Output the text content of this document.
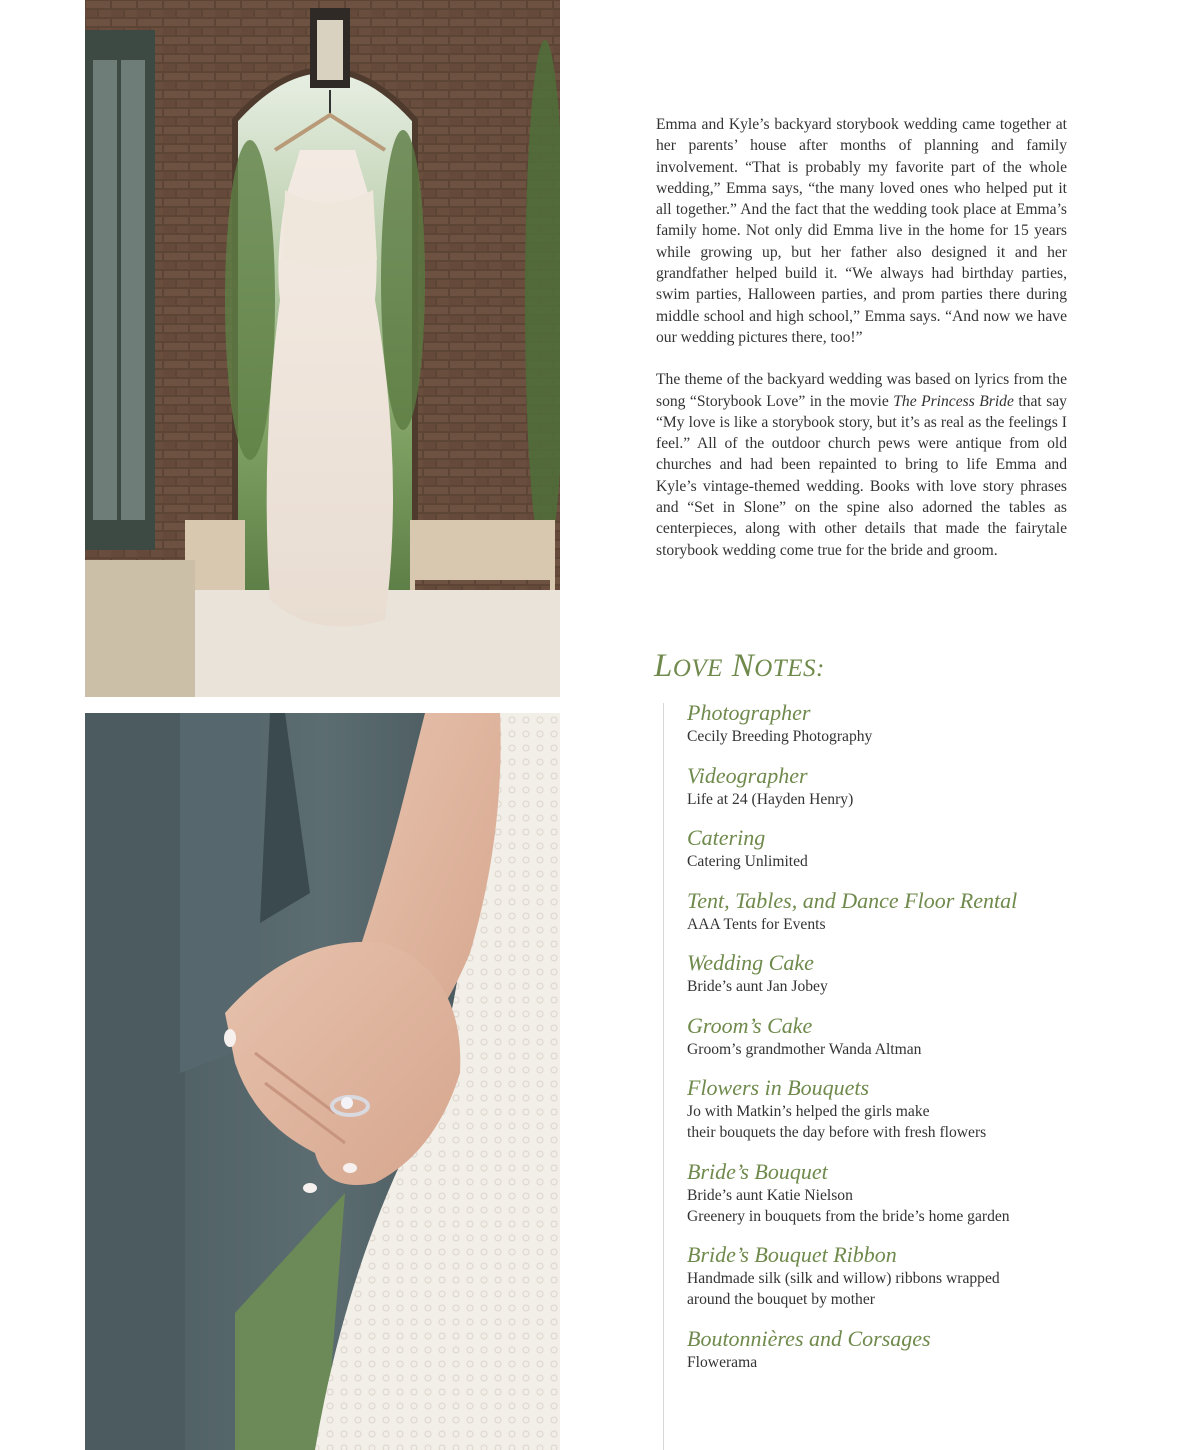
Emma and Kyle’s backyard storybook wedding came together at her parents’ house after months of planning and family involvement. “That is probably my favorite part of the whole wedding,” Emma says, “the many loved ones who helped put it all together.” And the fact that the wedding took place at Emma’s family home. Not only did Emma live in the home for 15 years while growing up, but her father also designed it and her grandfather helped build it. “We always had birthday parties, swim parties, Halloween parties, and prom parties there during middle school and high school,” Emma says. “And now we have our wedding pictures there, too!”

The theme of the backyard wedding was based on lyrics from the song “Storybook Love” in the movie The Princess Bride that say “My love is like a storybook story, but it’s as real as the feelings I feel.” All of the outdoor church pews were antique from old churches and had been repainted to bring to life Emma and Kyle’s vintage-themed wedding. Books with love story phrases and “Set in Slone” on the spine also adorned the tables as centerpieces, along with other details that made the fairytale storybook wedding come true for the bride and groom.

LOVE NOTES:
Photographer
Cecily Breeding Photography
Videographer
Life at 24 (Hayden Henry)
Catering
Catering Unlimited
Tent, Tables, and Dance Floor Rental
AAA Tents for Events
Wedding Cake
Bride’s aunt Jan Jobey
Groom’s Cake
Groom’s grandmother Wanda Altman
Flowers in Bouquets
Jo with Matkin’s helped the girls make
their bouquets the day before with fresh flowers
Bride’s Bouquet
Bride’s aunt Katie Nielson
Greenery in bouquets from the bride’s home garden
Bride’s Bouquet Ribbon
Handmade silk (silk and willow) ribbons wrapped
around the bouquet by mother
Boutonnières and Corsages
Flowerama
